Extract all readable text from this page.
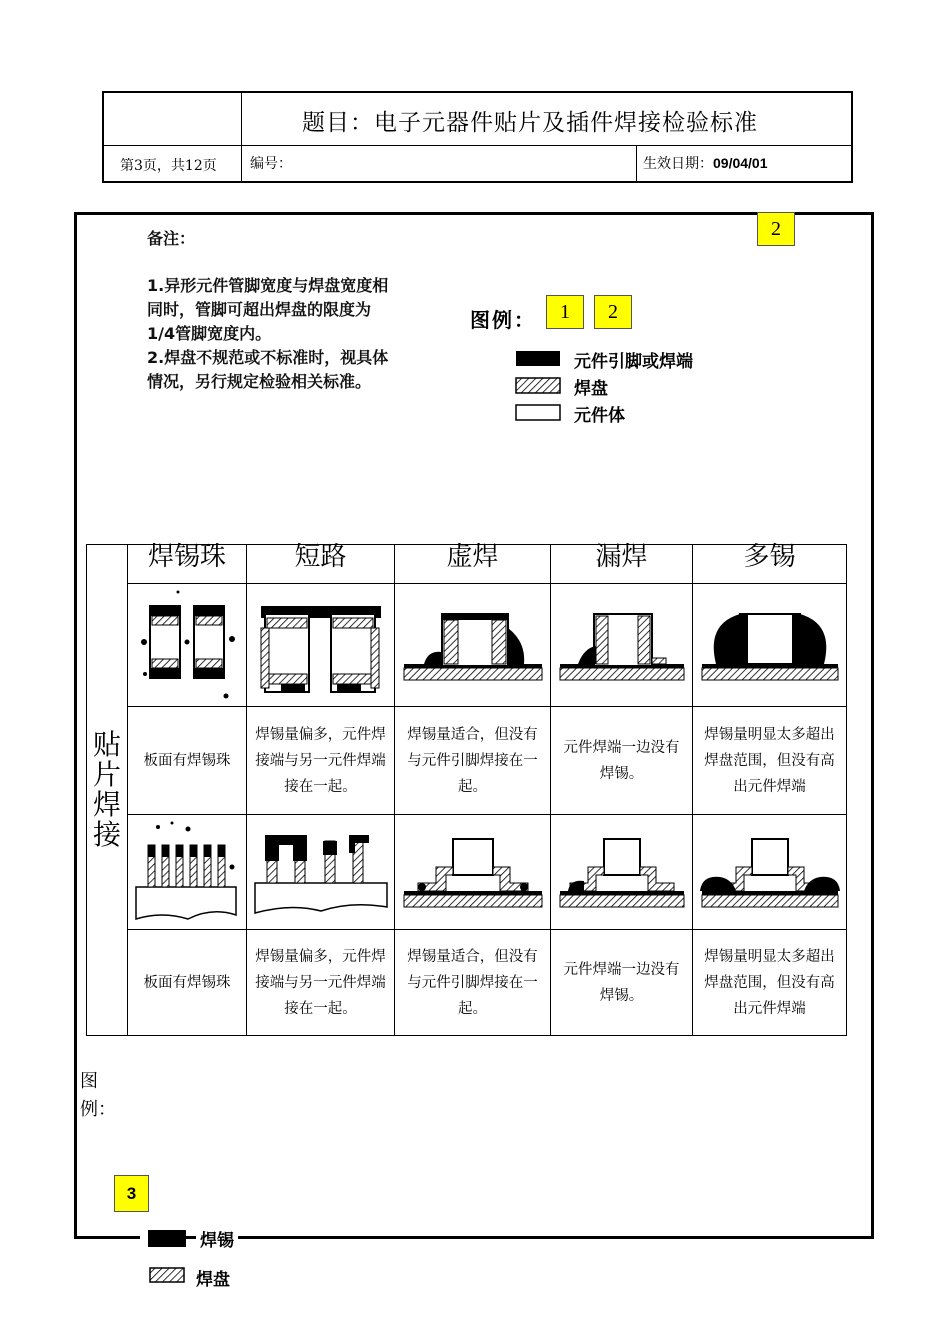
题目：电子元器件贴片及插件焊接检验标准
第3页，共12页 编号：	生效日期：09/04/01
备注：
1.异形元件管脚宽度与焊盘宽度相同时，管脚可超出焊盘的限度为1/4管脚宽度内。
2.焊盘不规范或不标准时，视具体情况，另行规定检验相关标准。
2
图例：	1	2
元件引脚或焊端
焊盘
元件体
贴片焊接	焊锡珠	短路	虚焊	漏焊	多锡

	板面有焊锡珠	焊锡量偏多，元件焊接端与另一元件焊端接在一起。	焊锡量适合，但没有与元件引脚焊接在一起。	元件焊端一边没有焊锡。	焊锡量明显太多超出焊盘范围，但没有高出元件焊端

	板面有焊锡珠	焊锡量偏多，元件焊接端与另一元件焊端接在一起。	焊锡量适合，但没有与元件引脚焊接在一起。	元件焊端一边没有焊锡。	焊锡量明显太多超出焊盘范围，但没有高出元件焊端
图
例：
3
焊锡
焊盘
